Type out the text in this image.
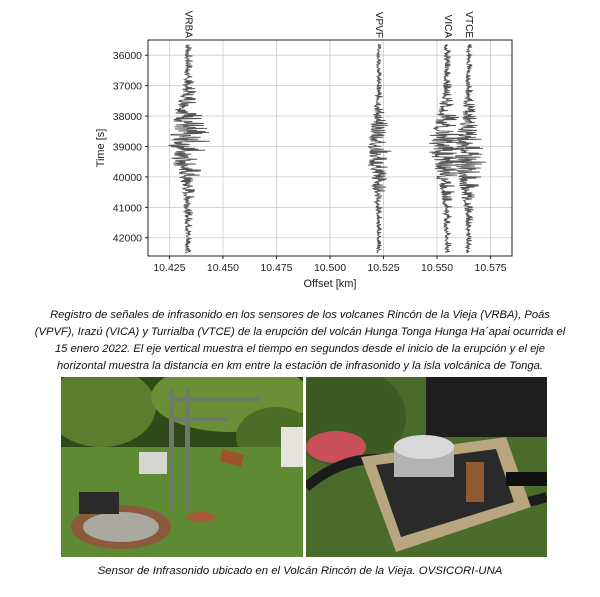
36000
37000
38000
39000
40000
41000
42000
10.425 10.450 10.475 10.500 10.525 10.550 10.575
VRBA	VPVF	VICA VTCE
Offset [km]
Time [s]
Registro de señales de infrasonido en los sensores de los volcanes Rincón de la Vieja (VRBA), Poás (VPVF), Irazú (VICA) y Turrialba (VTCE) de la erupción del volcán Hunga Tonga Hunga Ha´apai ocurrida el 15 enero 2022. El eje vertical muestra el tiempo en segundos desde el inicio de la erupción y el eje horizontal muestra la distancia en km entre la estación de infrasonido y la isla volcánica de Tonga.
Sensor de Infrasonido ubicado en el Volcán Rincón de la Vieja. OVSICORI-UNA
